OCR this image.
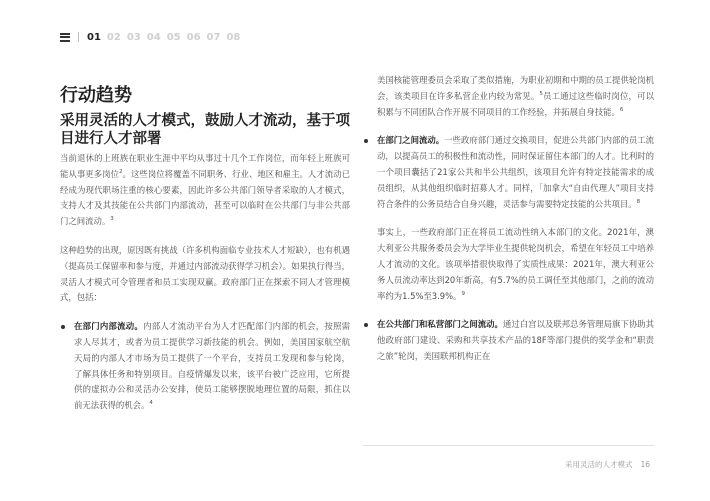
01 02 03 04 05 06 07 08
行动趋势
采用灵活的人才模式，鼓励人才流动，基于项目进行人才部署

当前退休的上班族在职业生涯中平均从事过十几个工作岗位，而年轻上班族可能从事更多岗位$^2$。这些岗位将覆盖不同职务、行业、地区和雇主。人才流动已经成为现代职场注重的核心要素，因此许多公共部门领导者采取的人才模式，支持人才及其技能在公共部门内部流动，甚至可以临时在公共部门与非公共部门之间流动。$^3$

这种趋势的出现，原因既有挑战（许多机构面临专业技术人才短缺），也有机遇（提高员工保留率和参与度，并通过内部流动获得学习机会）。如果执行得当，灵活人才模式可令管理者和员工实现双赢。政府部门正在探索不同人才管理模式，包括：

在部门内部流动。内部人才流动平台为人才匹配部门内部的机会，按照需求人尽其才，或者为员工提供学习新技能的机会。例如，美国国家航空航天局的内部人才市场为员工提供了一个平台，支持员工发现和参与轮岗，了解具体任务和特别项目。自疫情爆发以来，该平台被广泛应用，它所提供的虚拟办公和灵活办公安排，使员工能够摆脱地理位置的局限，抓住以前无法获得的机会。$^4$

美国核能管理委员会采取了类似措施，为职业初期和中期的员工提供轮岗机会，该类项目在许多私营企业内较为常见。$^5$员工通过这些临时岗位，可以积累与不同团队合作开展不同项目的工作经验，并拓展自身技能。$^6$

在部门之间流动。一些政府部门通过交换项目，促进公共部门内部的员工流动，以提高员工的积极性和流动性，同时保证留住本部门的人才。比利时的一个项目囊括了21家公共和半公共组织，该项目允许有特定技能需求的成员组织，从其他组织临时招募人才。同样，「加拿大“自由代理人”项目支持符合条件的公务员结合自身兴趣，灵活参与需要特定技能的公共项目。$^8$

事实上，一些政府部门正在将员工流动性纳入本部门的文化。2021年，澳大利亚公共服务委员会为大学毕业生提供轮岗机会，希望在年轻员工中培养人才流动的文化。该项举措很快取得了实质性成果：2021年，澳大利亚公务人员流动率达到20年新高，有5.7%的员工调任至其他部门，之前的流动率约为1.5%至3.9%。$^9$

在公共部门和私营部门之间流动。通过白宫以及联邦总务管理局旗下协助其他政府部门建设、采购和共享技术产品的18F等部门提供的奖学金和“职责之旅”轮岗，美国联邦机构正在
采用灵活的人才模式 16
